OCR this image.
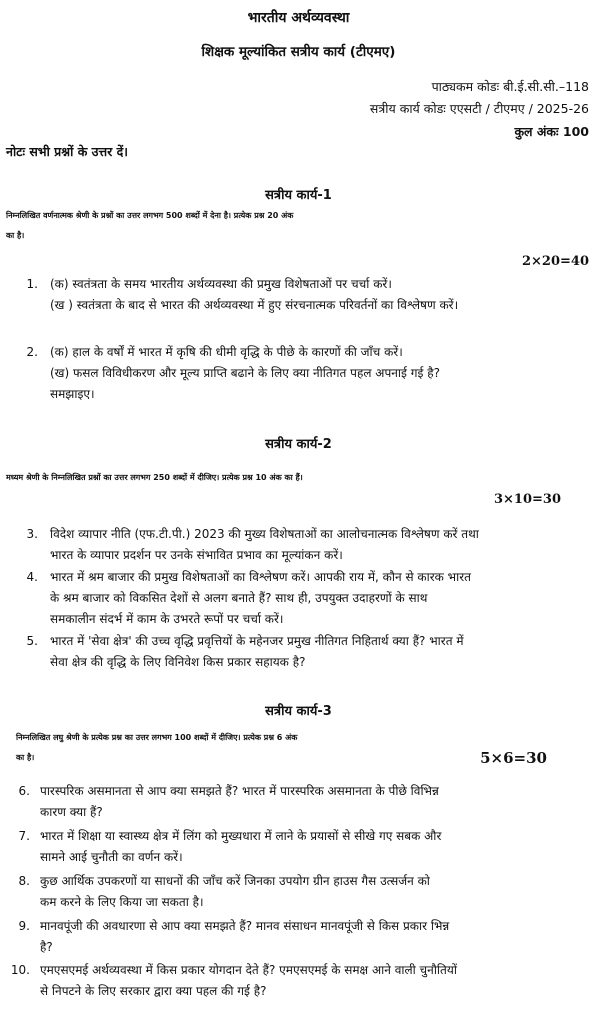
भारतीय अर्थव्यवस्था
शिक्षक मूल्यांकित सत्रीय कार्य (टीएमए)
पाठ्यकम कोडः बी.ई.सी.सी.–118
सत्रीय कार्य कोडः एएसटी / टीएमए / 2025-26
कुल अंकः 100
नोटः सभी प्रश्नों के उत्तर दें।
सत्रीय कार्य-1
निम्नलिखित वर्णनात्मक श्रेणी के प्रश्नों का उत्तर लगभग 500 शब्दों में देना है। प्रत्येक प्रश्न 20 अंक
का है।
2×20=40
1. (क) स्वतंत्रता के समय भारतीय अर्थव्यवस्था की प्रमुख विशेषताओं पर चर्चा करें।
(ख ) स्वतंत्रता के बाद से भारत की अर्थव्यवस्था में हुए संरचनात्मक परिवर्तनों का विश्लेषण करें।
2. (क) हाल के वर्षों में भारत में कृषि की धीमी वृद्धि के पीछे के कारणों की जाँच करें।
(ख) फसल विविधीकरण और मूल्य प्राप्ति बढाने के लिए क्या नीतिगत पहल अपनाई गई है?
समझाइए।
सत्रीय कार्य-2
मध्यम श्रेणी के निम्नलिखित प्रश्नों का उत्तर लगभग 250 शब्दों में दीजिए। प्रत्येक प्रश्न 10 अंक का हैं।
3×10=30
3. विदेश व्यापार नीति (एफ.टी.पी.) 2023 की मुख्य विशेषताओं का आलोचनात्मक विश्लेषण करें तथा
भारत के व्यापार प्रदर्शन पर उनके संभावित प्रभाव का मूल्यांकन करें।
4. भारत में श्रम बाजार की प्रमुख विशेषताओं का विश्लेषण करें। आपकी राय में, कौन से कारक भारत
के श्रम बाजार को विकसित देशों से अलग बनाते हैं? साथ ही, उपयुक्त उदाहरणों के साथ
समकालीन संदर्भ में काम के उभरते रूपों पर चर्चा करें।
5. भारत में 'सेवा क्षेत्र' की उच्च वृद्धि प्रवृत्तियों के महेनजर प्रमुख नीतिगत निहितार्थ क्या हैं? भारत में
सेवा क्षेत्र की वृद्धि के लिए विनिवेश किस प्रकार सहायक है?
सत्रीय कार्य-3
निम्नलिखित लघु श्रेणी के प्रत्येक प्रश्न का उत्तर लगभग 100 शब्दों में दीजिए। प्रत्येक प्रश्न 6 अंक
का है।	5×6=30
6. पारस्परिक असमानता से आप क्या समझते हैं? भारत में पारस्परिक असमानता के पीछे विभिन्न
कारण क्या हैं?
7. भारत में शिक्षा या स्वास्थ्य क्षेत्र में लिंग को मुख्यधारा में लाने के प्रयासों से सीखे गए सबक और
सामने आई चुनौती का वर्णन करें।
8. कुछ आर्थिक उपकरणों या साधनों की जाँच करें जिनका उपयोग ग्रीन हाउस गैस उत्सर्जन को
कम करने के लिए किया जा सकता है।
9. मानवपूंजी की अवधारणा से आप क्या समझते हैं? मानव संसाधन मानवपूंजी से किस प्रकार भिन्न
है?
10. एमएसएमई अर्थव्यवस्था में किस प्रकार योगदान देते हैं? एमएसएमई के समक्ष आने वाली चुनौतियों
से निपटने के लिए सरकार द्वारा क्या पहल की गई है?
